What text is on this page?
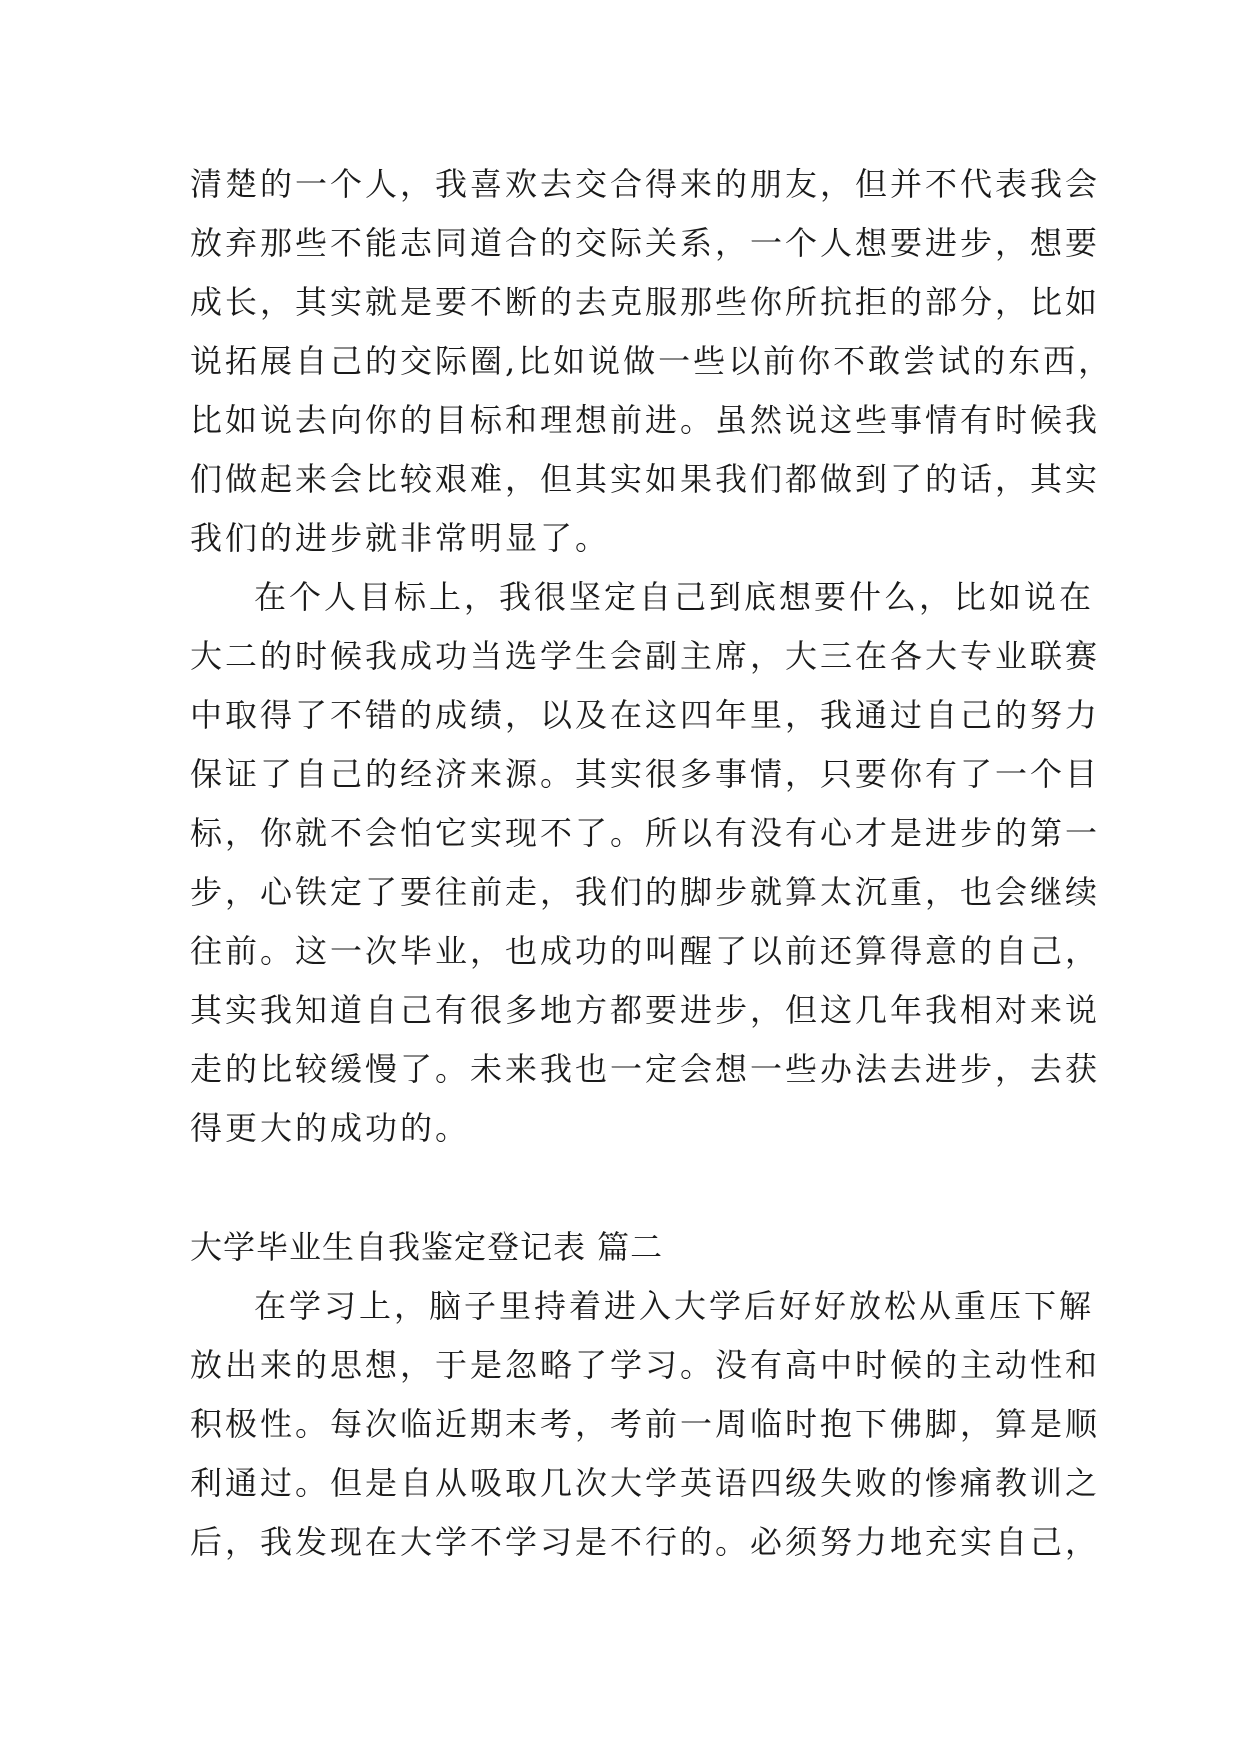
清楚的一个人，我喜欢去交合得来的朋友，但并不代表我会
放弃那些不能志同道合的交际关系，一个人想要进步，想要
成长，其实就是要不断的去克服那些你所抗拒的部分，比如
说拓展自己的交际圈,比如说做一些以前你不敢尝试的东西，
比如说去向你的目标和理想前进。虽然说这些事情有时候我
们做起来会比较艰难，但其实如果我们都做到了的话，其实
我们的进步就非常明显了。
在个人目标上，我很坚定自己到底想要什么，比如说在
大二的时候我成功当选学生会副主席，大三在各大专业联赛
中取得了不错的成绩，以及在这四年里，我通过自己的努力
保证了自己的经济来源。其实很多事情，只要你有了一个目
标，你就不会怕它实现不了。所以有没有心才是进步的第一
步，心铁定了要往前走，我们的脚步就算太沉重，也会继续
往前。这一次毕业，也成功的叫醒了以前还算得意的自己，
其实我知道自己有很多地方都要进步，但这几年我相对来说
走的比较缓慢了。未来我也一定会想一些办法去进步，去获
得更大的成功的。
大学毕业生自我鉴定登记表 篇二
在学习上，脑子里持着进入大学后好好放松从重压下解
放出来的思想，于是忽略了学习。没有高中时候的主动性和
积极性。每次临近期末考，考前一周临时抱下佛脚，算是顺
利通过。但是自从吸取几次大学英语四级失败的惨痛教训之
后，我发现在大学不学习是不行的。必须努力地充实自己，
